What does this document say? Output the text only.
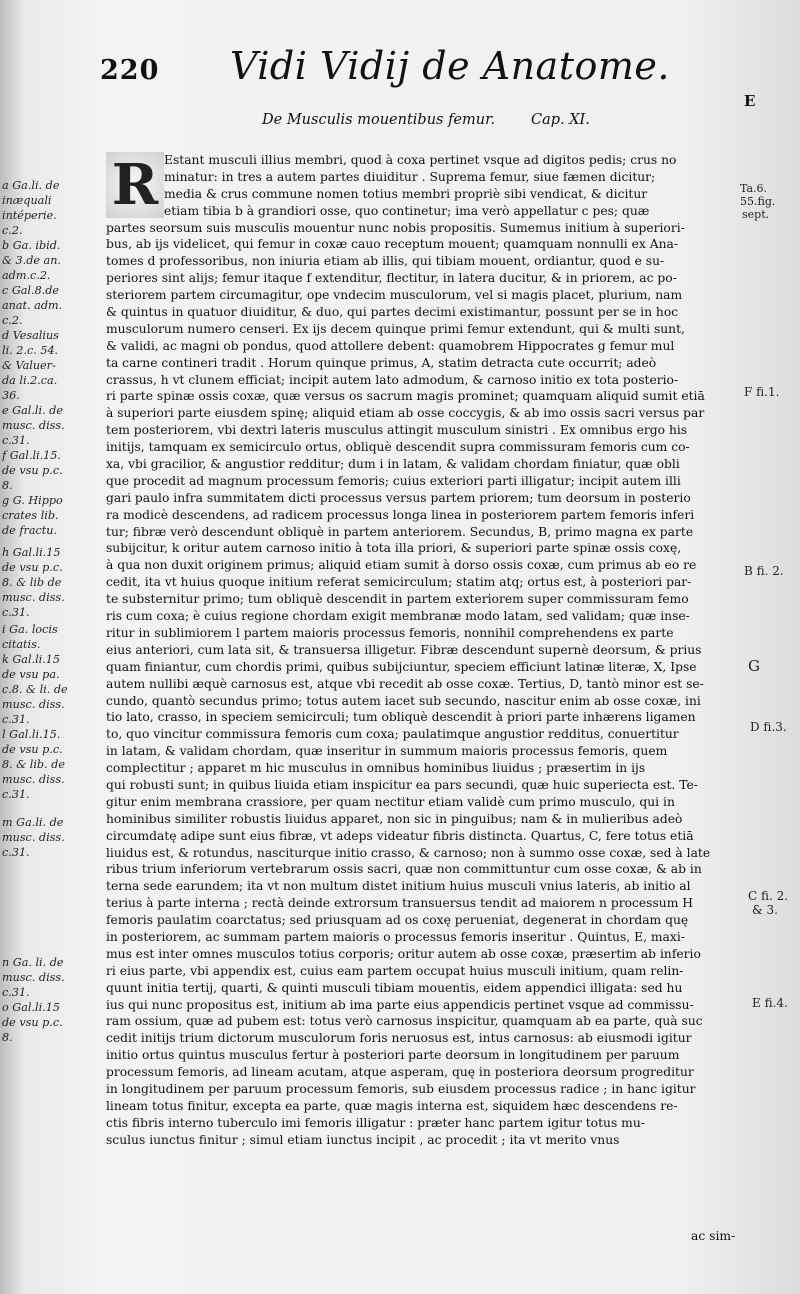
220 Vidi Vidij de Anatome.
De Musculis mouentibus femur. Cap. XI.
E
R Estant musculi illius membri, quod à coxa pertinet vsque ad digitos pedis; crus no
minatur: in tres a autem partes diuiditur . Suprema femur, siue fæmen dicitur;
media & crus commune nomen totius membri propriè sibi vendicat, & dicitur
etiam tibia b à grandiori osse, quo continetur; ima verò appellatur c pes; quæ
partes seorsum suis musculis mouentur nunc nobis propositis. Sumemus initium à superiori-
bus, ab ijs videlicet, qui femur in coxæ cauo receptum mouent; quamquam nonnulli ex Ana-
tomes d professoribus, non iniuria etiam ab illis, qui tibiam mouent, ordiantur, quod e su-
periores sint alijs; femur itaque f extenditur, flectitur, in latera ducitur, & in priorem, ac po-
steriorem partem circumagitur, ope vndecim musculorum, vel si magis placet, plurium, nam
& quintus in quatuor diuiditur, & duo, qui partes decimi existimantur, possunt per se in hoc
musculorum numero censeri. Ex ijs decem quinque primi femur extendunt, qui & multi sunt,
& validi, ac magni ob pondus, quod attollere debent: quamobrem Hippocrates g femur mul
ta carne contineri tradit . Horum quinque primus, A, statim detracta cute occurrit; adeò
crassus, h vt clunem efficiat; incipit autem lato admodum, & carnoso initio ex tota posterio-
ri parte spinæ ossis coxæ, quæ versus os sacrum magis prominet; quamquam aliquid sumit etiā
à superiori parte eiusdem spinę; aliquid etiam ab osse coccygis, & ab imo ossis sacri versus par
tem posteriorem, vbi dextri lateris musculus attingit musculum sinistri . Ex omnibus ergo his
initijs, tamquam ex semicirculo ortus, obliquè descendit supra commissuram femoris cum co-
xa, vbi gracilior, & angustior redditur; dum i in latam, & validam chordam finiatur, quæ obli
que procedit ad magnum processum femoris; cuius exteriori parti illigatur; incipit autem illi
gari paulo infra summitatem dicti processus versus partem priorem; tum deorsum in posterio
ra modicè descendens, ad radicem processus longa linea in posteriorem partem femoris inferi
tur; fibræ verò descendunt obliquè in partem anteriorem. Secundus, B, primo magna ex parte
subijcitur, k oritur autem carnoso initio à tota illa priori, & superiori parte spinæ ossis coxę,
à qua non duxit originem primus; aliquid etiam sumit à dorso ossis coxæ, cum primus ab eo re
cedit, ita vt huius quoque initium referat semicirculum; statim atq; ortus est, à posteriori par-
te substernitur primo; tum obliquè descendit in partem exteriorem super commissuram femo
ris cum coxa; è cuius regione chordam exigit membranæ modo latam, sed validam; quæ inse-
ritur in sublimiorem l partem maioris processus femoris, nonnihil comprehendens ex parte
eius anteriori, cum lata sit, & transuersa illigetur. Fibræ descendunt supernè deorsum, & prius
quam finiantur, cum chordis primi, quibus subijciuntur, speciem efficiunt latinæ literæ, X, Ipse
autem nullibi æquè carnosus est, atque vbi recedit ab osse coxæ. Tertius, D, tantò minor est se-
cundo, quantò secundus primo; totus autem iacet sub secundo, nascitur enim ab osse coxæ, ini
tio lato, crasso, in speciem semicirculi; tum obliquè descendit à priori parte inhærens ligamen
to, quo vincitur commissura femoris cum coxa; paulatimque angustior redditus, conuertitur
in latam, & validam chordam, quæ inseritur in summum maioris processus femoris, quem
complectitur ; apparet m hic musculus in omnibus hominibus liuidus ; præsertim in ijs
qui robusti sunt; in quibus liuida etiam inspicitur ea pars secundi, quæ huic superiecta est. Te-
gitur enim membrana crassiore, per quam nectitur etiam validè cum primo musculo, qui in
hominibus similiter robustis liuidus apparet, non sic in pinguibus; nam & in mulieribus adeò
circumdatę adipe sunt eius fibræ, vt adeps videatur fibris distincta. Quartus, C, fere totus etiā
liuidus est, & rotundus, nasciturque initio crasso, & carnoso; non à summo osse coxæ, sed à late
ribus trium inferiorum vertebrarum ossis sacri, quæ non committuntur cum osse coxæ, & ab in
terna sede earundem; ita vt non multum distet initium huius musculi vnius lateris, ab initio al
terius à parte interna ; rectà deinde extrorsum transuersus tendit ad maiorem n processum H
femoris paulatim coarctatus; sed priusquam ad os coxę perueniat, degenerat in chordam quę
in posteriorem, ac summam partem maioris o processus femoris inseritur . Quintus, E, maxi-
mus est inter omnes musculos totius corporis; oritur autem ab osse coxæ, præsertim ab inferio
ri eius parte, vbi appendix est, cuius eam partem occupat huius musculi initium, quam relin-
quunt initia tertij, quarti, & quinti musculi tibiam mouentis, eidem appendici illigata: sed hu
ius qui nunc propositus est, initium ab ima parte eius appendicis pertinet vsque ad commissu-
ram ossium, quæ ad pubem est: totus verò carnosus inspicitur, quamquam ab ea parte, quà suc
cedit initijs trium dictorum musculorum foris neruosus est, intus carnosus: ab eiusmodi igitur
initio ortus quintus musculus fertur à posteriori parte deorsum in longitudinem per paruum
processum femoris, ad lineam acutam, atque asperam, quę in posteriora deorsum progreditur
in longitudinem per paruum processum femoris, sub eiusdem processus radice ; in hanc igitur
lineam totus finitur, excepta ea parte, quæ magis interna est, siquidem hæc descendens re-
ctis fibris interno tuberculo imi femoris illigatur : præter hanc partem igitur totus mu-
sculus iunctus finitur ; simul etiam iunctus incipit , ac procedit ; ita vt merito vnus
a Ga.li. de
inæquali
intéperie.
c.2.
b Ga. ibid.
& 3.de an.
adm.c.2.
c Gal.8.de
anat. adm.
c.2.
d Vesalius
li. 2.c. 54.
& Valuer-
da li.2.ca.
36.
e Gal.li. de
musc. diss.
c.31.
f Gal.li.15.
de vsu p.c.
8.
g G. Hippo
crates lib.
de fractu.
h Gal.li.15
de vsu p.c.
8. & lib de
musc. diss.
c.31.
i Ga. locis
citatis.
k Gal.li.15
de vsu pa.
c.8. & li. de
musc. diss.
c.31.
l Gal.li.15.
de vsu p.c.
8. & lib. de
musc. diss.
c.31.
m Ga.li. de
musc. diss.
c.31.
n Ga. li. de
musc. diss.
c.31.
o Gal.li.15
de vsu p.c.
8.
Ta.6.
55.fig.
sept.
F fi.1.
B fi. 2.
G
D fi.3.
C fi. 2.
& 3.
E fi.4.
ac sim-
